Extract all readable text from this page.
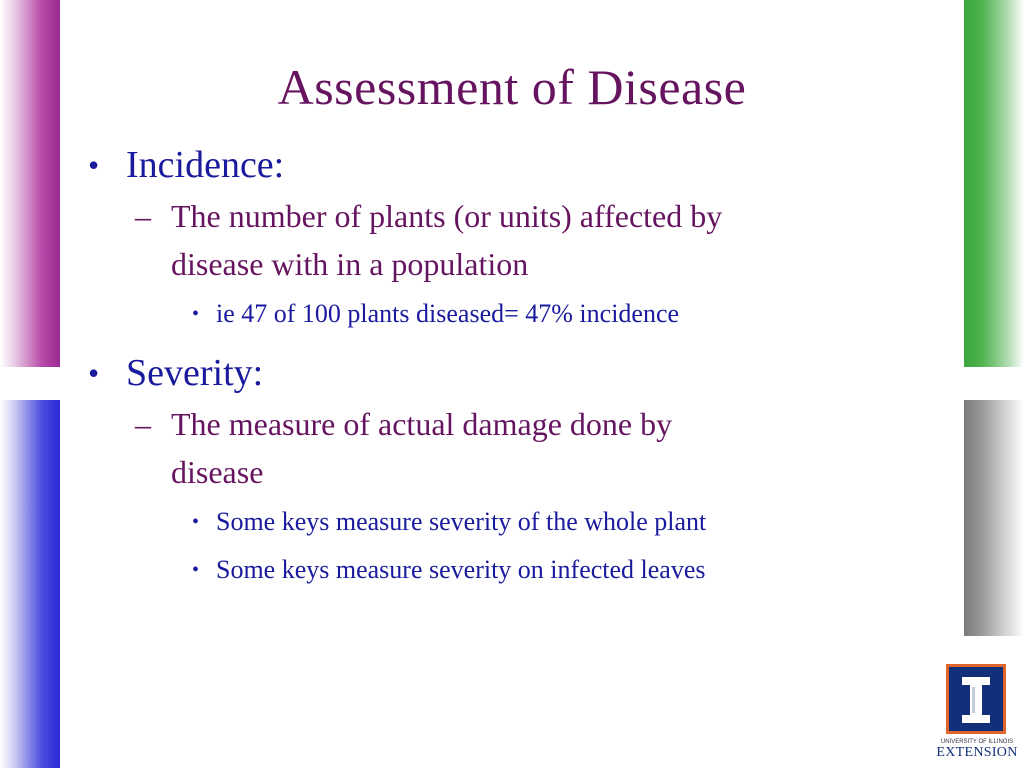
Assessment of Disease
• Incidence:
– The number of plants (or units) affected by
disease with in a population
• ie 47 of 100 plants diseased= 47% incidence
• Severity:
– The measure of actual damage done by
disease
• Some keys measure severity of the whole plant
• Some keys measure severity on infected leaves
UNIVERSITY OF ILLINOIS
EXTENSION
